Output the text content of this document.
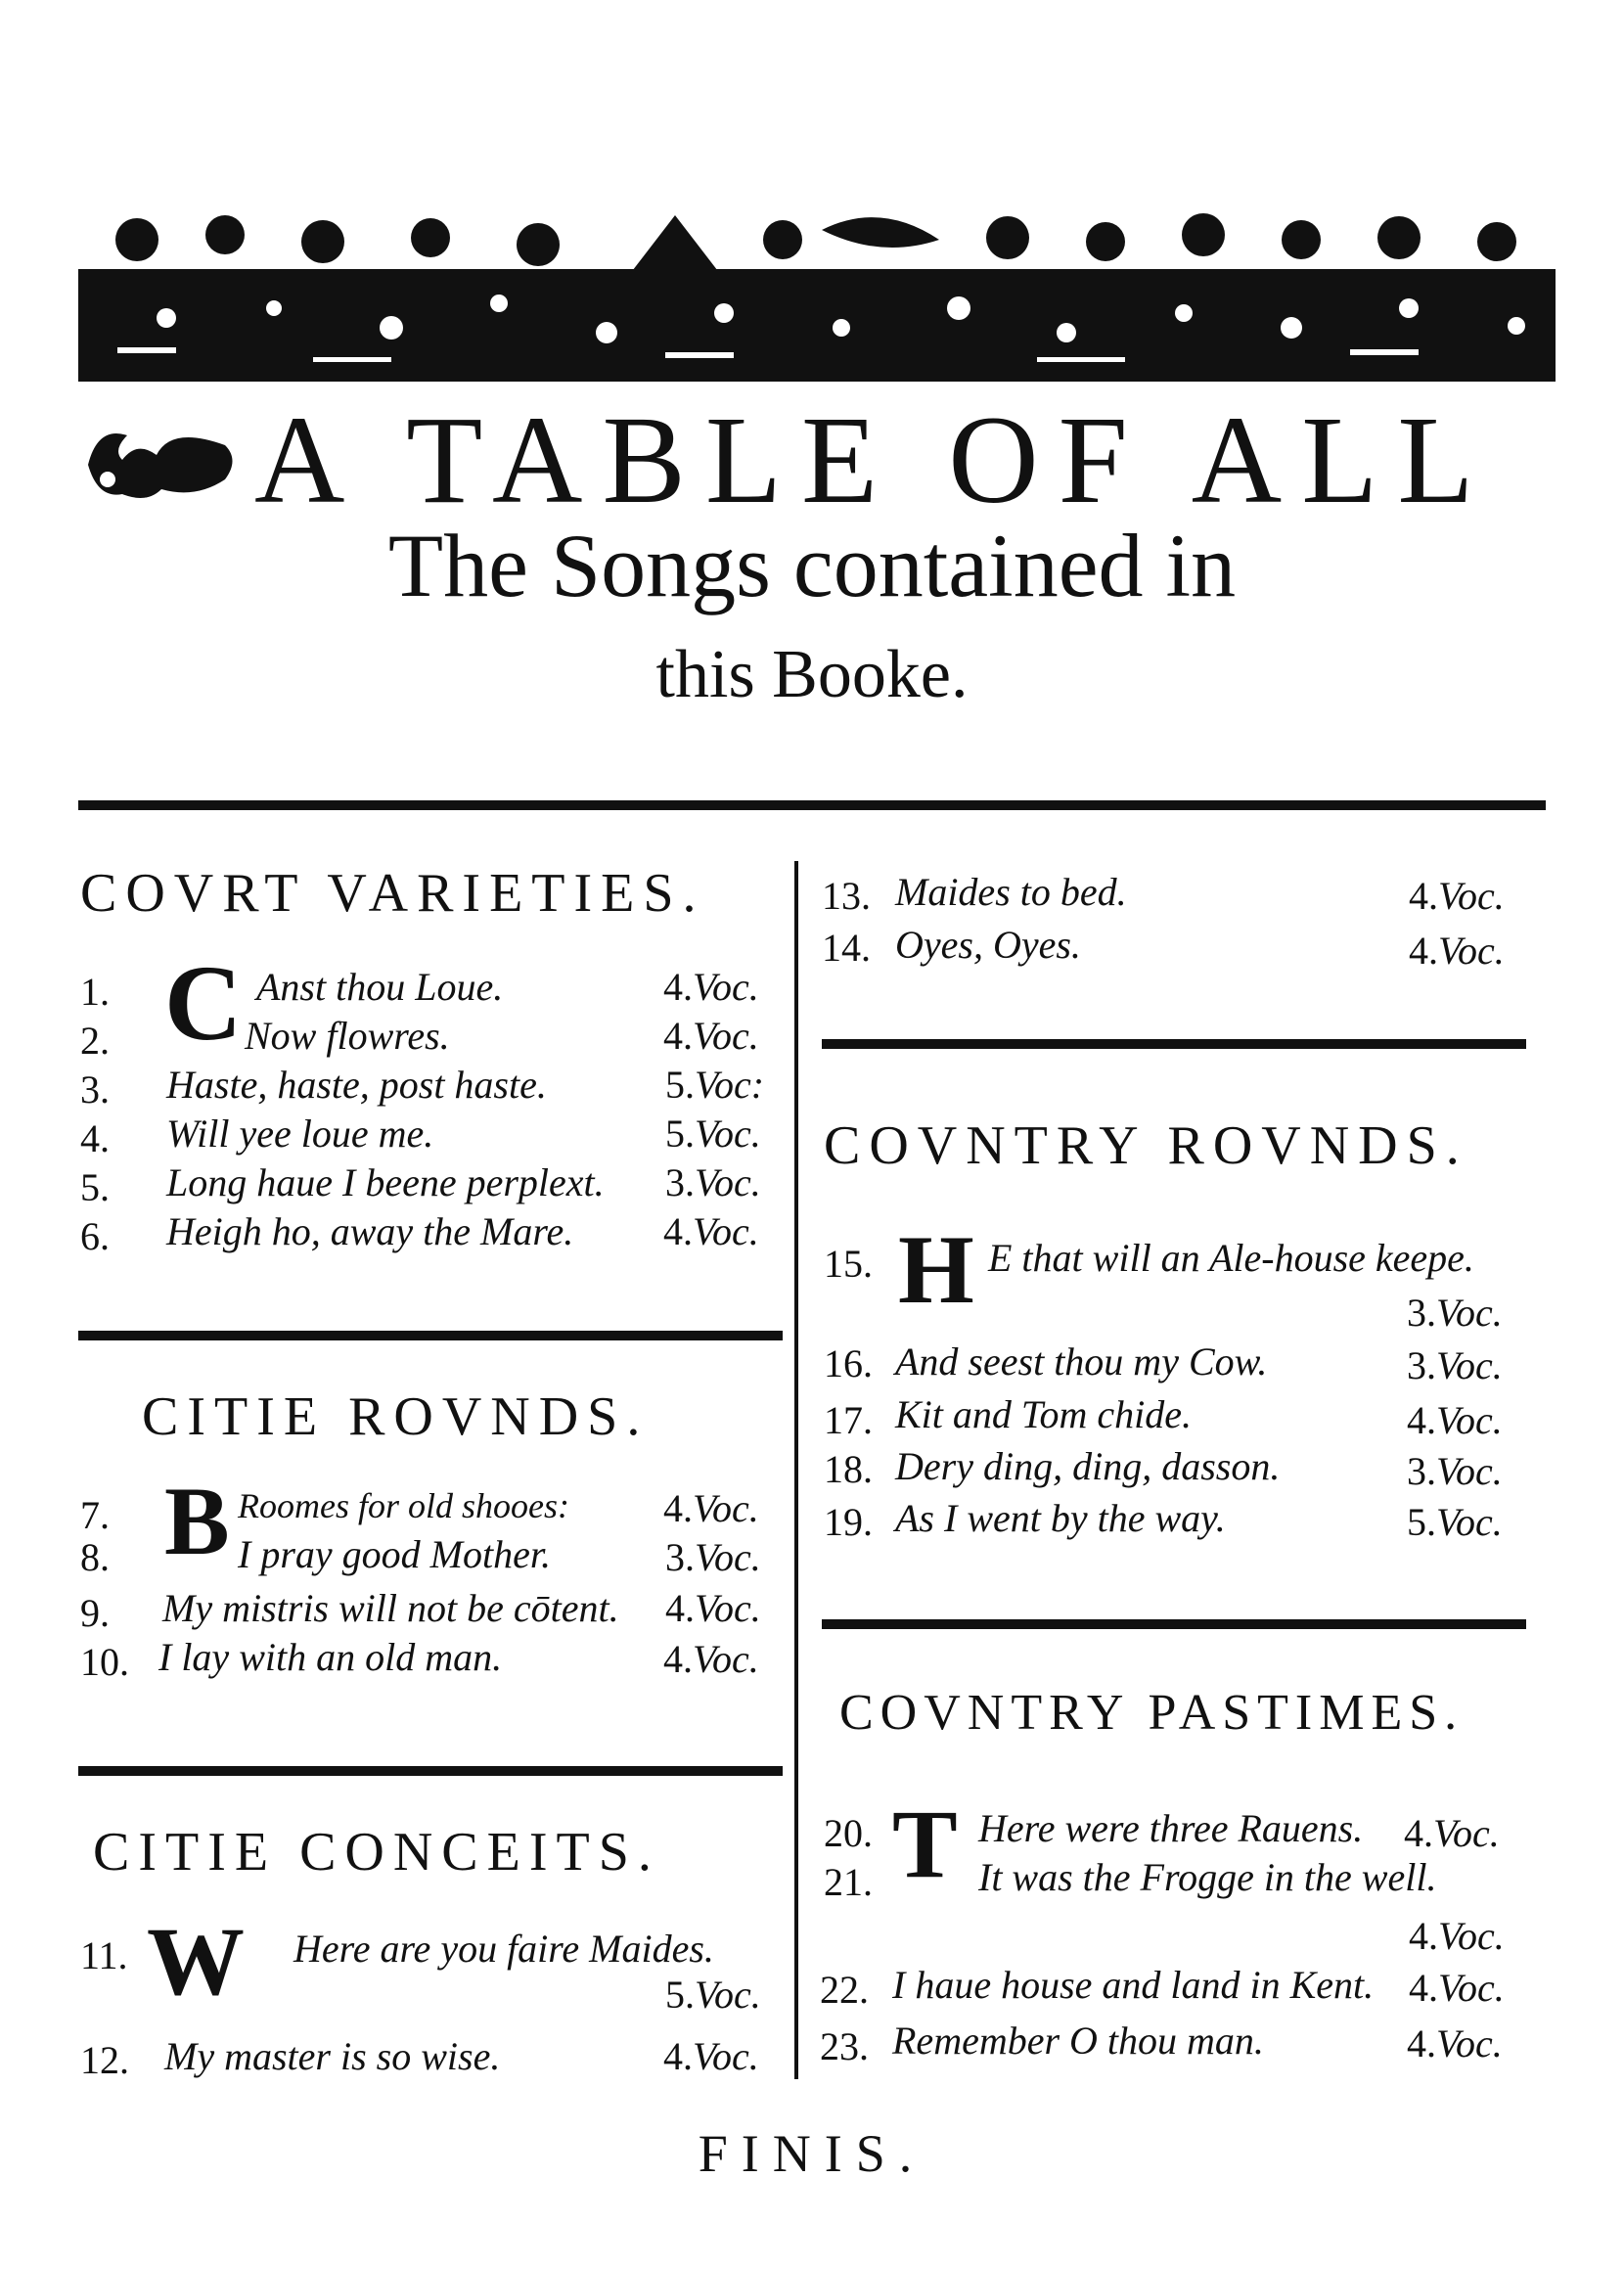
A TABLE OF ALL
The Songs contained in
this Booke.
COVRT VARIETIES.
C
1.	Anst thou Loue.	4.Voc.
2.	Now flowres.	4.Voc.
3. Haste, haste, post haste.	5.Voc:
4. Will yee loue me.	5.Voc.
5. Long haue I beene perplext. 3.Voc.
6. Heigh ho, away the Mare. 4.Voc.
CITIE ROVNDS.
B
7.	Roomes for old shooes: 4.Voc.
8.	I pray good Mother.	3.Voc.
9. My mistris will not be cōtent. 4.Voc.
10. I lay with an old man.	4.Voc.
CITIE CONCEITS.
W
11.	Here are you faire Maides.
5.Voc.
12. My master is so wise.	4.Voc.
13. Maides to bed.	4.Voc.
14. Oyes, Oyes.	4.Voc.
COVNTRY ROVNDS.
H
15.	E that will an Ale-house keepe.
3.Voc.
16. And seest thou my Cow.	3.Voc.
17. Kit and Tom chide.	4.Voc.
18. Dery ding, ding, dasson.	3.Voc.
19. As I went by the way.	5.Voc.
COVNTRY PASTIMES.
T
20.	Here were three Rauens. 4.Voc.
21.	It was the Frogge in the well.
4.Voc.
22. I haue house and land in Kent. 4.Voc.
23. Remember O thou man.	4.Voc.
FINIS.
